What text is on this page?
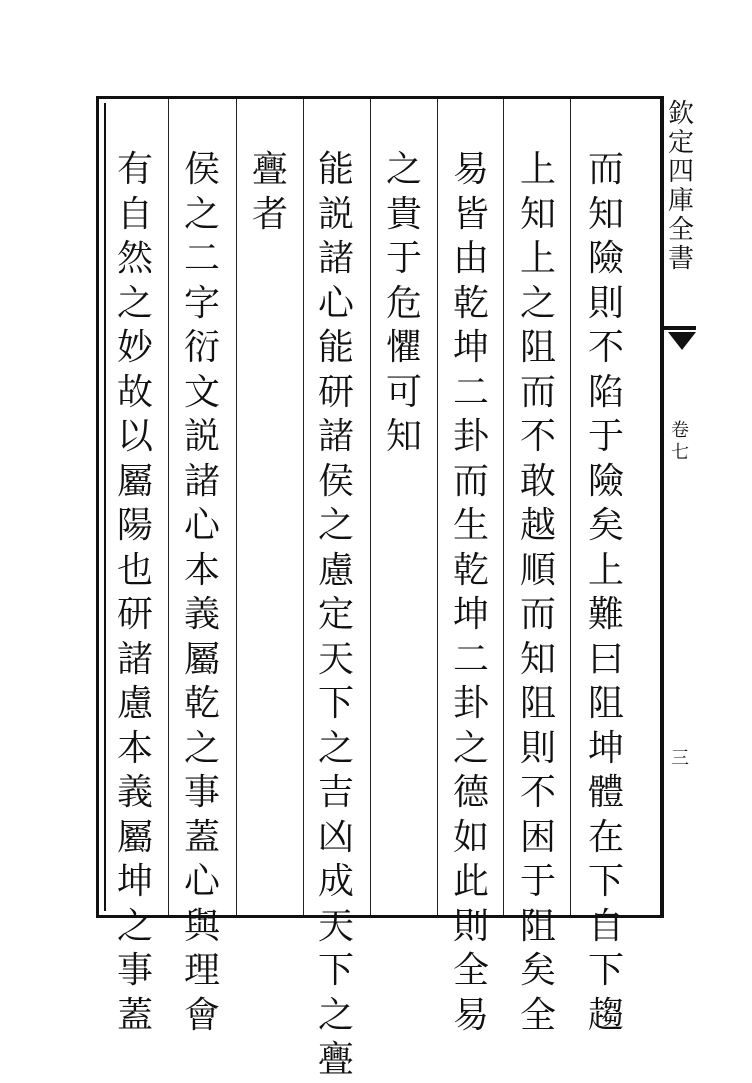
而
知
險
則
不
陷
于
險
矣
上
難
曰
阻
坤
體
在
下
自
下
趨
上
知
上
之
阻
而
不
敢
越
順
而
知
阻
則
不
困
于
阻
矣
全
易
皆
由
乾
坤
二
卦
而
生
乾
坤
二
卦
之
德
如
此
則
全
易
之
貴
于
危
懼
可
知
能
説
諸
心
能
研
諸
侯
之
慮
定
天
下
之
吉
凶
成
天
下
之
亹
亹
者
侯
之
二
字
衍
文
説
諸
心
本
義
屬
乾
之
事
蓋
心
與
理
會
有
自
然
之
妙
故
以
屬
陽
也
研
諸
慮
本
義
屬
坤
之
事
蓋
欽
定
四
庫
全
書
卷
七
三
